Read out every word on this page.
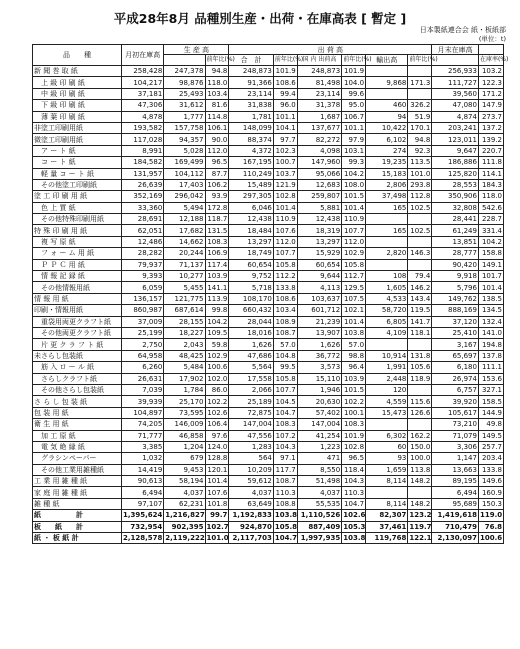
平成28年8月 品種別生産・出荷・在庫高表 [ 暫定 ]
日本製紙連合会 紙・板紙部
(単位：t)
品　　種	月初在庫高	生 産 高		出 荷 高						月末在庫高	
			前年比(%)	合　計	前年比(%)	国 内 出荷高	前年比(%)	輸出高	前年比(%)		
											在庫率(%)
新 聞 巻 取 紙	258,428	247,378	94.8	248,873	101.9	248,873	101.9			256,933	103.2
上 級 印 刷 紙	104,217	98,876	118.0	91,366	108.6	81,498	104.0	9,868	171.3	111,727	122.3
中 級 印 刷 紙	37,181	25,493	103.4	23,114	99.4	23,114	99.6			39,560	171.2
下 級 印 刷 紙	47,306	31,612	81.6	31,838	96.0	31,378	95.0	460	326.2	47,080	147.9
薄 葉 印 刷 紙	4,878	1,777	114.8	1,781	101.1	1,687	106.7	94	51.9	4,874	273.7
非塗工印刷用紙	193,582	157,758	106.1	148,099	104.1	137,677	101.1	10,422	170.1	203,241	137.2
微塗工印刷用紙	117,028	94,357	90.0	88,374	97.7	82,272	97.9	6,102	94.8	123,011	139.2
ア ー ト 紙	8,991	5,028	112.0	4,372	102.3	4,098	103.1	274	92.3	9,647	220.7
コ ー ト 紙	184,582	169,499	96.5	167,195	100.7	147,960	99.3	19,235	113.5	186,886	111.8
軽 量 コ ー ト 紙	131,957	104,112	87.7	110,249	103.7	95,066	104.2	15,183	101.0	125,820	114.1
その他塗工印刷紙	26,639	17,403	106.2	15,489	121.9	12,683	108.0	2,806	293.8	28,553	184.3
塗 工 印 刷 用 紙	352,169	296,042	93.9	297,305	102.8	259,807	101.5	37,498	112.8	350,906	118.0
色 上 質 紙	33,360	5,494	172.8	6,046	101.4	5,881	101.4	165	102.5	32,808	542.6
その他特殊印刷用紙	28,691	12,188	118.7	12,438	110.9	12,438	110.9			28,441	228.7
特 殊 印 刷 用 紙	62,051	17,682	131.5	18,484	107.6	18,319	107.7	165	102.5	61,249	331.4
複 写 原 紙	12,486	14,662	108.3	13,297	112.0	13,297	112.0			13,851	104.2
フ ォ ー ム 用 紙	28,282	20,244	106.9	18,749	107.7	15,929	102.9	2,820	146.3	28,777	158.8
Ｐ Ｐ Ｃ 用 紙	79,937	71,137	117.4	60,654	105.8	60,654	105.8			90,420	149.1
情 報 記 録 紙	9,393	10,277	103.9	9,752	112.2	9,644	112.7	108	79.4	9,918	101.7
その他情報用紙	6,059	5,455	141.1	5,718	133.8	4,113	129.5	1,605	146.2	5,796	101.4
情 報 用 紙	136,157	121,775	113.9	108,170	108.6	103,637	107.5	4,533	143.4	149,762	138.5
印刷・情報用紙	860,987	687,614	99.8	660,432	103.4	601,712	102.1	58,720	119.5	888,169	134.5
重袋用両更クラフト紙	37,009	28,155	104.2	28,044	108.9	21,239	101.4	6,805	141.7	37,120	132.4
その他両更クラフト紙	25,199	18,227	109.5	18,016	108.7	13,907	103.8	4,109	118.1	25,410	141.0
片 更 ク ラ フ ト 紙	2,750	2,043	59.8	1,626	57.0	1,626	57.0			3,167	194.8
未さらし包装紙	64,958	48,425	102.9	47,686	104.8	36,772	98.8	10,914	131.8	65,697	137.8
筋 入 ロ ー ル 紙	6,260	5,484	100.6	5,564	99.5	3,573	96.4	1,991	105.6	6,180	111.1
さらしクラフト紙	26,631	17,902	102.0	17,558	105.8	15,110	103.9	2,448	118.9	26,974	153.6
その他さらし包装紙	7,039	1,784	86.0	2,066	107.7	1,946	101.5	120		6,757	327.1
さ ら し 包 装 紙	39,939	25,170	102.2	25,189	104.5	20,630	102.2	4,559	115.6	39,920	158.5
包 装 用 紙	104,897	73,595	102.6	72,875	104.7	57,402	100.1	15,473	126.6	105,617	144.9
衛 生 用 紙	74,205	146,009	106.4	147,004	108.3	147,004	108.3			73,210	49.8
加 工 原 紙	71,777	46,858	97.6	47,556	107.2	41,254	101.9	6,302	162.2	71,079	149.5
電 気 絶 縁 紙	3,385	1,204	124.0	1,283	104.3	1,223	102.8	60	150.0	3,306	257.7
グラシンペーパー	1,032	679	128.8	564	97.1	471	96.5	93	100.0	1,147	203.4
その他工業用雑種紙	14,419	9,453	120.1	10,209	117.7	8,550	118.4	1,659	113.8	13,663	133.8
工 業 用 雑 種 紙	90,613	58,194	101.4	59,612	108.7	51,498	104.3	8,114	148.2	89,195	149.6
家 庭 用 雑 種 紙	6,494	4,037	107.6	4,037	110.3	4,037	110.3			6,494	160.9
雑 種 紙	97,107	62,231	101.8	63,649	108.8	55,535	104.7	8,114	148.2	95,689	150.3
紙　　　　　計	1,395,624	1,216,827	99.7	1,192,833	103.8	1,110,526	102.6	82,307	123.2	1,419,618	119.0
板　　紙　　計	732,954	902,395	102.7	924,870	105.8	887,409	105.3	37,461	119.7	710,479	76.8
紙 ・ 板 紙 計	2,128,578	2,119,222	101.0	2,117,703	104.7	1,997,935	103.8	119,768	122.1	2,130,097	100.6
